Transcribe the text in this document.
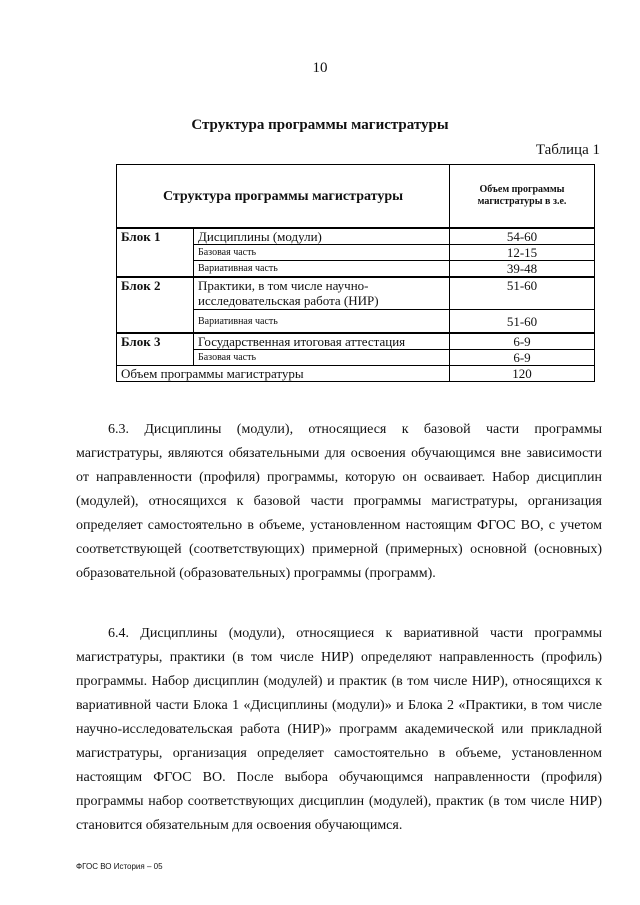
10
Структура программы магистратуры
Таблица 1
Структура программы магистратуры		Объем программы магистратуры в з.е.
Блок 1	Дисциплины (модули)	54-60
	Базовая часть	12-15
	Вариативная часть	39-48
Блок 2	Практики, в том числе научно-исследовательская работа (НИР)	51-60
	Вариативная часть	51-60
Блок 3	Государственная итоговая аттестация	6-9
	Базовая часть	6-9
Объем программы магистратуры		120

6.3. Дисциплины (модули), относящиеся к базовой части программы магистратуры, являются обязательными для освоения обучающимся вне зависимости от направленности (профиля) программы, которую он осваивает. Набор дисциплин (модулей), относящихся к базовой части программы магистратуры, организация определяет самостоятельно в объеме, установленном настоящим ФГОС ВО, с учетом соответствующей (соответствующих) примерной (примерных) основной (основных) образовательной (образовательных) программы (программ).

6.4. Дисциплины (модули), относящиеся к вариативной части программы магистратуры, практики (в том числе НИР) определяют направленность (профиль) программы. Набор дисциплин (модулей) и практик (в том числе НИР), относящихся к вариативной части Блока 1 «Дисциплины (модули)» и Блока 2 «Практики, в том числе научно-исследовательская работа (НИР)» программ академической или прикладной магистратуры, организация определяет самостоятельно в объеме, установленном настоящим ФГОС ВО. После выбора обучающимся направленности (профиля) программы набор соответствующих дисциплин (модулей), практик (в том числе НИР) становится обязательным для освоения обучающимся.

ФГОС ВО История – 05
